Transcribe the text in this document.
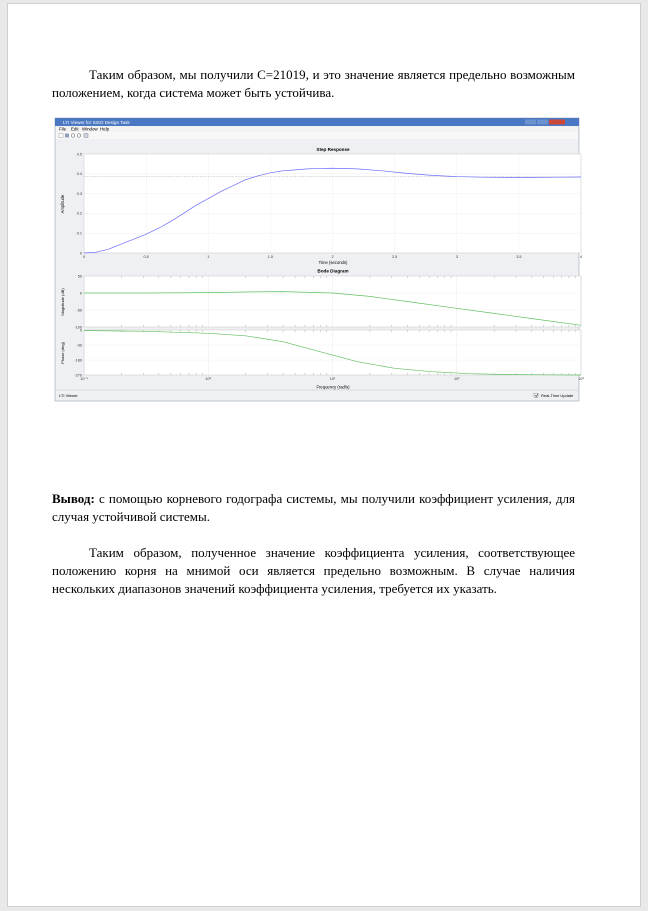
Таким образом, мы получили C=21019, и это значение является предельно возможным положением, когда система может быть устойчива.

LTI Viewer for SISO Design Task
File Edit Window Help
Step Response
Time (seconds)
Amplitude
0	0.5	1	1.5	2	2.5	3	3.5	4
0
0.1
0.2
0.3
0.4
0.5
Bode Diagram
Magnitude (dB)
Phase (deg)
Frequency (rad/s)
50
0
-50
-100
0
-90
-180
-270
10⁻¹	10⁰	10¹	10²	10³
LTI Viewer	Real-Time Update

Вывод: с помощью корневого годографа системы, мы получили коэффициент усиления, для случая устойчивой системы.

Таким образом, полученное значение коэффициента усиления, соответствующее положению корня на мнимой оси является предельно возможным. В случае наличия нескольких диапазонов значений коэффициента усиления, требуется их указать.
